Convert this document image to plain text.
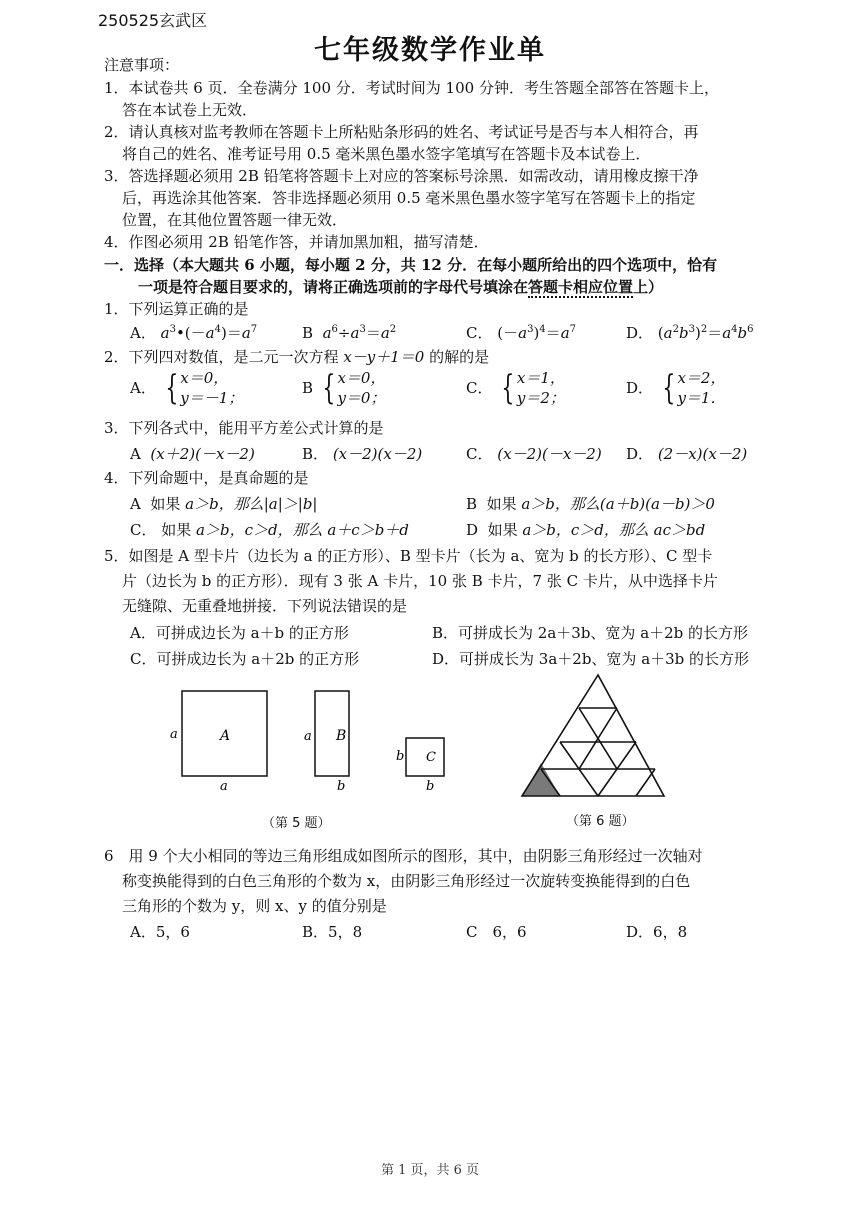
250525玄武区
七年级数学作业单
注意事项：
1．本试卷共 6 页．全卷满分 100 分．考试时间为 100 分钟．考生答题全部答在答题卡上，
答在本试卷上无效．
2．请认真核对监考教师在答题卡上所粘贴条形码的姓名、考试证号是否与本人相符合，再
将自己的姓名、准考证号用 0.5 毫米黑色墨水签字笔填写在答题卡及本试卷上．
3．答选择题必须用 2B 铅笔将答题卡上对应的答案标号涂黑．如需改动，请用橡皮擦干净
后，再选涂其他答案．答非选择题必须用 0.5 毫米黑色墨水签字笔写在答题卡上的指定
位置，在其他位置答题一律无效．
4．作图必须用 2B 铅笔作答，并请加黑加粗，描写清楚．
一．选择（本大题共 6 小题，每小题 2 分，共 12 分．在每小题所给出的四个选项中，恰有
一项是符合题目要求的，请将正确选项前的字母代号填涂在答题卡相应位置上）
1．下列运算正确的是
A． $a^3•(-a^4)=a^7$	B $a^6\div a^3=a^2$	C． $(-a^3)^4=a^7$	D． $(a^2b^3)^2=a^4b^6$
2．下列四对数值，是二元一次方程 x－y＋1＝0 的解的是
A． { x＝0，
y＝－1；
B { x＝0，
y＝0；
C． { x＝1，
y＝2；
D． { x＝2，
y＝1．
3．下列各式中，能用平方差公式计算的是
A (x＋2)(－x－2)	B． (x－2)(x－2)	C． (x－2)(－x－2) D． (2－x)(x－2)
4．下列命题中，是真命题的是
A 如果 a＞b，那么|a|＞|b|	B 如果 a＞b，那么(a＋b)(a－b)＞0
C． 如果 a＞b，c＞d，那么 a＋c＞b＋d	D 如果 a＞b，c＞d，那么 ac＞bd
5．如图是 A 型卡片（边长为 a 的正方形）、B 型卡片（长为 a、宽为 b 的长方形）、C 型卡
片（边长为 b 的正方形）．现有 3 张 A 卡片，10 张 B 卡片，7 张 C 卡片，从中选择卡片
无缝隙、无重叠地拼接．下列说法错误的是
A．可拼成边长为 a＋b 的正方形	B．可拼成长为 2a＋3b、宽为 a＋2b 的长方形
C．可拼成边长为 a＋2b 的正方形	D．可拼成长为 3a＋2b、宽为 a＋3b 的长方形
A
a
a
B
a
b
C
b
b
（第 5 题）	（第 6 题）
6　用 9 个大小相同的等边三角形组成如图所示的图形，其中，由阴影三角形经过一次轴对
称变换能得到的白色三角形的个数为 x，由阴影三角形经过一次旋转变换能得到的白色
三角形的个数为 y，则 x、y 的值分别是
A．5，6	B．5，8	C　6，6	D．6，8
第 1 页，共 6 页
